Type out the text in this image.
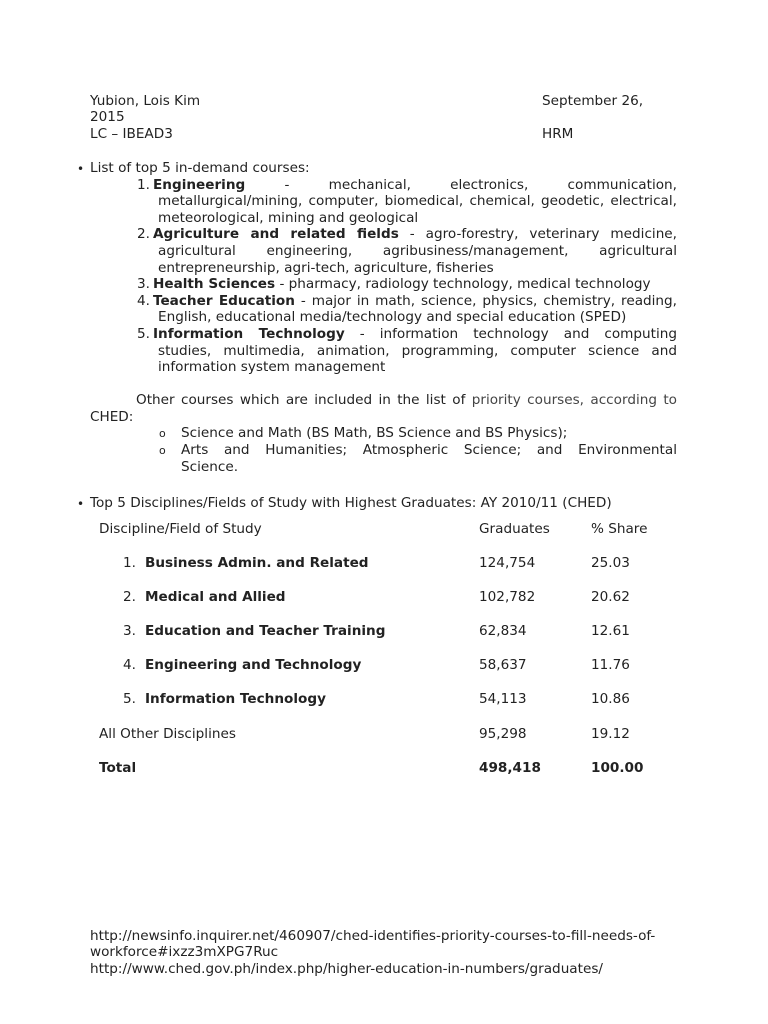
Yubion, Lois Kim	September 26,
2015
LC – IBEAD3	HRM
• List of top 5 in-demand courses:
1. Engineering - mechanical, electronics, communication,
metallurgical/mining, computer, biomedical, chemical, geodetic, electrical,
meteorological, mining and geological
2. Agriculture and related fields - agro-forestry, veterinary medicine,
agricultural engineering, agribusiness/management, agricultural
entrepreneurship, agri-tech, agriculture, fisheries
3. Health Sciences - pharmacy, radiology technology, medical technology
4. Teacher Education - major in math, science, physics, chemistry, reading,
English, educational media/technology and special education (SPED)
5. Information Technology - information technology and computing
studies, multimedia, animation, programming, computer science and
information system management
Other courses which are included in the list of priority courses, according to
CHED:
o Science and Math (BS Math, BS Science and BS Physics);
o Arts and Humanities; Atmospheric Science; and Environmental
Science.
• Top 5 Disciplines/Fields of Study with Highest Graduates: AY 2010/11 (CHED)
Discipline/Field of Study	Graduates	% Share
1. Business Admin. and Related	124,754	25.03
2. Medical and Allied	102,782	20.62
3. Education and Teacher Training	62,834	12.61
4. Engineering and Technology	58,637	11.76
5. Information Technology	54,113	10.86
All Other Disciplines	95,298	19.12
Total	498,418	100.00
http://newsinfo.inquirer.net/460907/ched-identifies-priority-courses-to-fill-needs-of-
workforce#ixzz3mXPG7Ruc
http://www.ched.gov.ph/index.php/higher-education-in-numbers/graduates/
